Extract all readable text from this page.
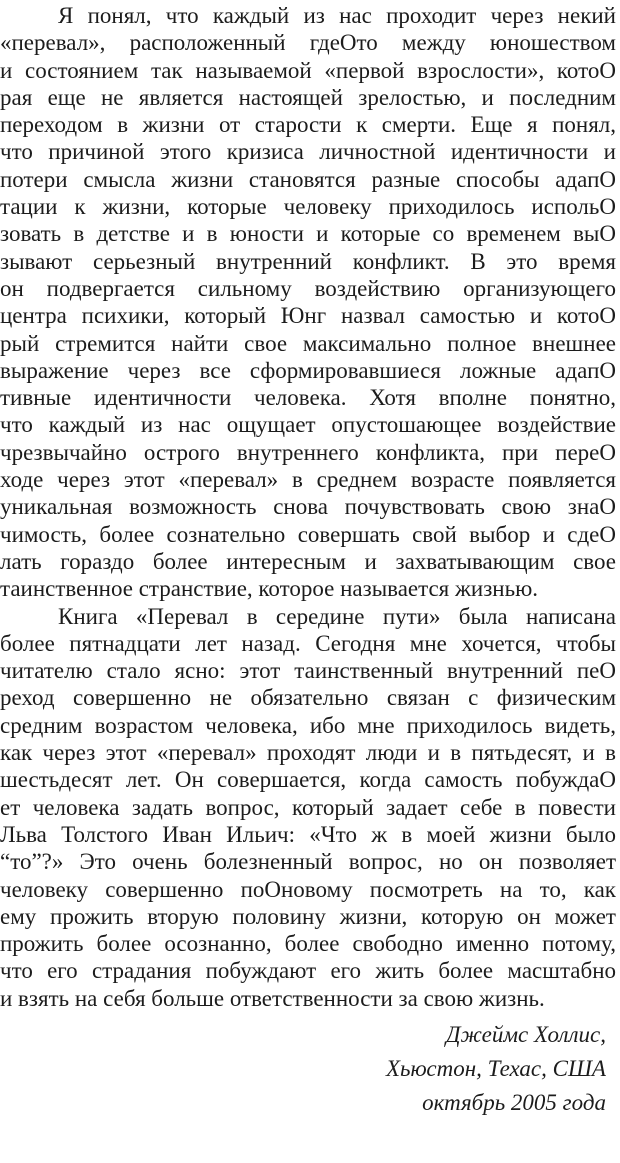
Я понял, что каждый из нас проходит через некий
«перевал», расположенный гдеОто между юношеством
и состоянием так называемой «первой взрослости», котоО
рая еще не является настоящей зрелостью, и последним
переходом в жизни от старости к смерти. Еще я понял,
что причиной этого кризиса личностной идентичности и
потери смысла жизни становятся разные способы адапО
тации к жизни, которые человеку приходилось испольО
зовать в детстве и в юности и которые со временем выО
зывают серьезный внутренний конфликт. В это время
он подвергается сильному воздействию организующего
центра психики, который Юнг назвал самостью и котоО
рый стремится найти свое максимально полное внешнее
выражение через все сформировавшиеся ложные адапО
тивные идентичности человека. Хотя вполне понятно,
что каждый из нас ощущает опустошающее воздействие
чрезвычайно острого внутреннего конфликта, при переО
ходе через этот «перевал» в среднем возрасте появляется
уникальная возможность снова почувствовать свою знаО
чимость, более сознательно совершать свой выбор и сдеО
лать гораздо более интересным и захватывающим свое
таинственное странствие, которое называется жизнью.
Книга «Перевал в середине пути» была написана
более пятнадцати лет назад. Сегодня мне хочется, чтобы
читателю стало ясно: этот таинственный внутренний пеО
реход совершенно не обязательно связан с физическим
средним возрастом человека, ибо мне приходилось видеть,
как через этот «перевал» проходят люди и в пятьдесят, и в
шестьдесят лет. Он совершается, когда самость побуждаО
ет человека задать вопрос, который задает себе в повести
Льва Толстого Иван Ильич: «Что ж в моей жизни было
“то”?» Это очень болезненный вопрос, но он позволяет
человеку совершенно поОновому посмотреть на то, как
ему прожить вторую половину жизни, которую он может
прожить более осознанно, более свободно именно потому,
что его страдания побуждают его жить более масштабно
и взять на себя больше ответственности за свою жизнь.
Джеймс Холлис,
Хьюстон, Техас, США
октябрь 2005 года
